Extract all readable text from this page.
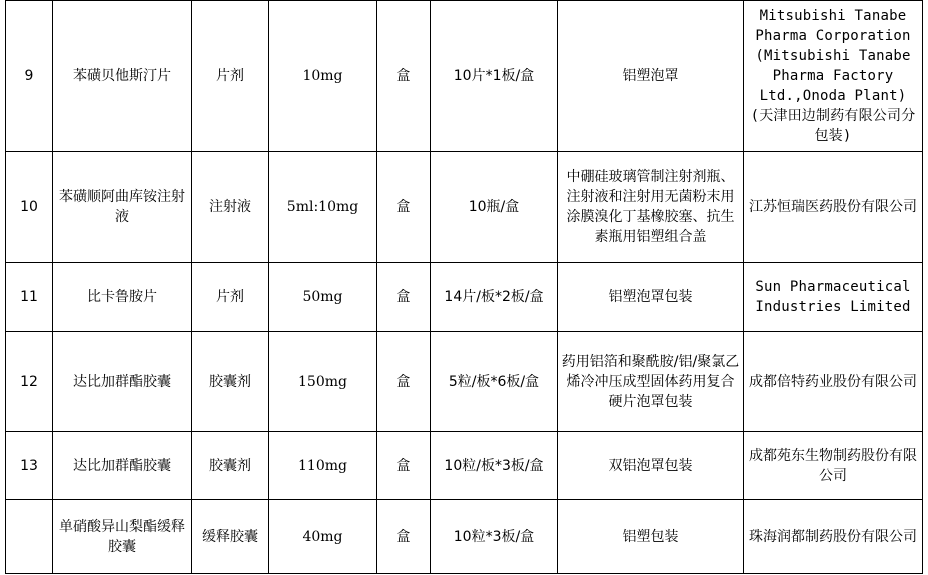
9	苯磺贝他斯汀片	片剂	10mg	盒	10片*1板/盒	铝塑泡罩	Mitsubishi Tanabe Pharma Corporation (Mitsubishi Tanabe Pharma Factory Ltd.,Onoda Plant) (天津田边制药有限公司分包装)
10	苯磺顺阿曲库铵注射液	注射液	5ml:10mg	盒	10瓶/盒	中硼硅玻璃管制注射剂瓶、注射液和注射用无菌粉末用涂膜溴化丁基橡胶塞、抗生素瓶用铝塑组合盖	江苏恒瑞医药股份有限公司
11	比卡鲁胺片	片剂	50mg	盒	14片/板*2板/盒	铝塑泡罩包装	Sun Pharmaceutical Industries Limited
12	达比加群酯胶囊	胶囊剂	150mg	盒	5粒/板*6板/盒	药用铝箔和聚酰胺/铝/聚氯乙烯冷冲压成型固体药用复合硬片泡罩包装	成都倍特药业股份有限公司
13	达比加群酯胶囊	胶囊剂	110mg	盒	10粒/板*3板/盒	双铝泡罩包装	成都苑东生物制药股份有限公司
	单硝酸异山梨酯缓释胶囊	缓释胶囊	40mg	盒	10粒*3板/盒	铝塑包装	珠海润都制药股份有限公司
